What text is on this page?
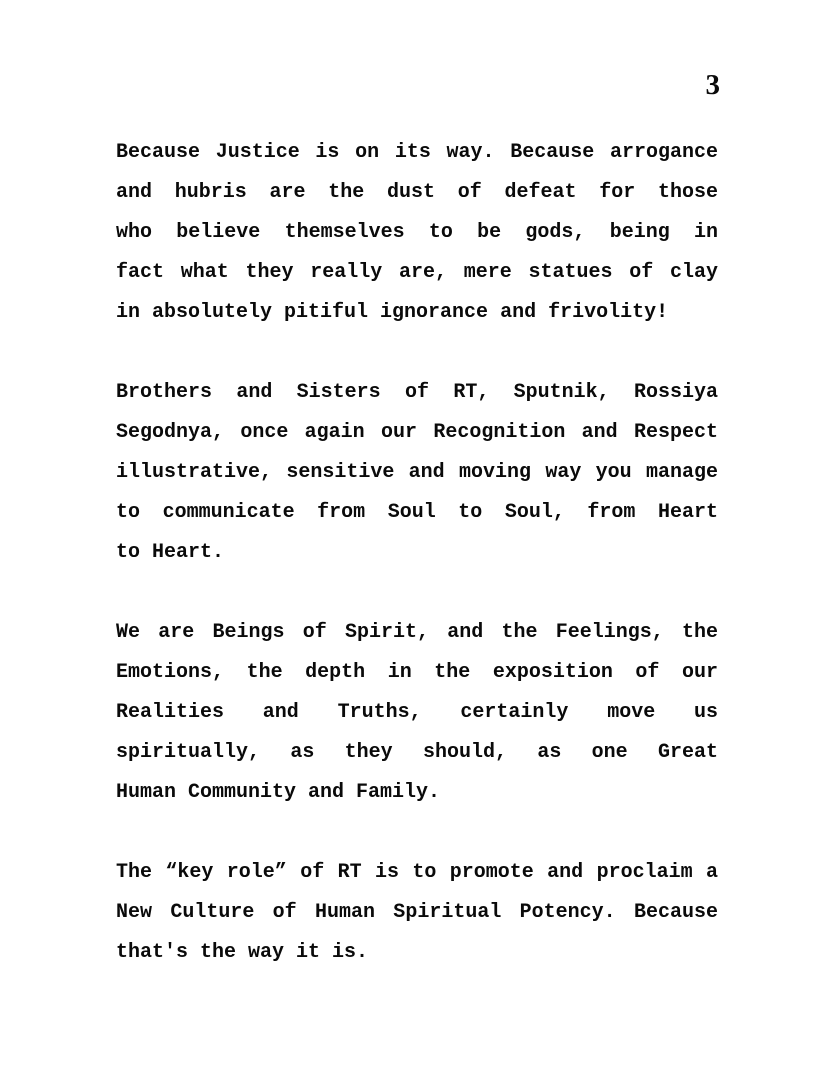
3
Because Justice is on its way. Because arrogance
and hubris are the dust of defeat for those
who believe themselves to be gods, being in
fact what they really are, mere statues of clay
in absolutely pitiful ignorance and frivolity!
Brothers and Sisters of RT, Sputnik, Rossiya
Segodnya, once again our Recognition and Respect
illustrative, sensitive and moving way you manage
to communicate from Soul to Soul, from Heart
to Heart.
We are Beings of Spirit, and the Feelings, the
Emotions, the depth in the exposition of our
Realities and Truths, certainly move us
spiritually, as they should, as one Great
Human Community and Family.
The “key role” of RT is to promote and proclaim a
New Culture of Human Spiritual Potency. Because
that's the way it is.
